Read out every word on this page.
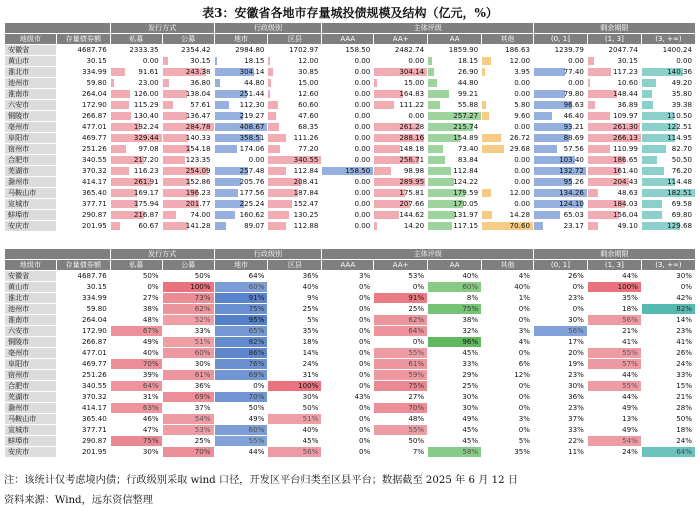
表3：安徽省各地市存量城投债规模及结构（亿元，%）
		发行方式		行政级别		主体评级				剩余期限		
地级市	存量债券额	私募	公募	地市	区县	AAA	AA+	AA	其他	(0, 1]	(1, 3]	(3, +∞)
安徽省	4687.76	2333.35	2354.42	2984.80	1702.97	158.50	2482.74	1859.90	186.63	1239.79	2047.74	1400.24
黄山市	30.15	0.00	30.15	18.15	12.00	0.00	0.00	18.15	12.00	0.00	30.15	0.00
淮北市	334.99	91.61	243.38	304.14	30.85	0.00	304.14	26.90	3.95	77.40	117.23	140.36
池州市	59.80	23.00	36.80	44.80	15.00	0.00	15.00	44.80	0.00	0.00	10.60	49.20
淮南市	264.04	126.00	138.04	251.44	12.60	0.00	164.83	99.21	0.00	79.80	148.44	35.80
六安市	172.90	115.29	57.61	112.30	60.60	0.00	111.22	55.88	5.80	96.63	36.89	39.38
铜陵市	266.87	130.40	136.47	219.27	47.60	0.00	0.00	257.27	9.60	46.40	109.97	110.50
亳州市	477.01	192.24	284.78	408.67	68.35	0.00	261.28	215.74	0.00	93.21	261.30	122.51
阜阳市	469.77	329.44	140.33	358.51	111.26	0.00	288.16	154.89	26.72	88.69	266.13	114.95
宿州市	251.26	97.08	154.18	174.06	77.20	0.00	148.18	73.40	29.68	57.56	110.99	82.70
合肥市	340.55	217.20	123.35	0.00	340.55	0.00	256.71	83.84	0.00	103.40	186.65	50.50
芜湖市	370.32	116.23	254.09	257.48	112.84	158.50	98.98	112.84	0.00	132.72	161.40	76.20
滁州市	414.17	261.91	152.86	205.76	208.41	0.00	289.95	124.22	0.00	95.26	204.43	114.48
马鞍山市	365.40	169.17	196.23	177.56	187.84	0.00	175.81	179.59	12.00	134.26	48.63	182.51
宣城市	377.71	175.94	201.77	225.24	152.47	0.00	207.66	170.05	0.00	124.10	184.03	69.58
蚌埠市	290.87	216.87	74.00	160.62	130.25	0.00	144.62	131.97	14.28	65.03	156.04	69.80
安庆市	201.95	60.67	141.28	89.07	112.88	0.00	14.20	117.15	70.60	23.17	49.10	129.68
		发行方式		行政级别		主体评级				剩余期限		
地级市	存量债券额	私募	公募	地市	区县	AAA	AA+	AA	其他	(0, 1]	(1, 3]	(3, +∞)
安徽省	4687.76	50%	50%	64%	36%	3%	53%	40%	4%	26%	44%	30%
黄山市	30.15	0%	100%	60%	40%	0%	0%	60%	40%	0%	100%	0%
淮北市	334.99	27%	73%	91%	9%	0%	91%	8%	1%	23%	35%	42%
池州市	59.80	38%	62%	75%	25%	0%	25%	75%	0%	0%	18%	82%
淮南市	264.04	48%	52%	95%	5%	0%	62%	38%	0%	30%	56%	14%
六安市	172.90	67%	33%	65%	35%	0%	64%	32%	3%	56%	21%	23%
铜陵市	266.87	49%	51%	82%	18%	0%	0%	96%	4%	17%	41%	41%
亳州市	477.01	40%	60%	86%	14%	0%	55%	45%	0%	20%	55%	26%
阜阳市	469.77	70%	30%	76%	24%	0%	61%	33%	6%	19%	57%	24%
宿州市	251.26	39%	61%	69%	31%	0%	59%	29%	12%	23%	44%	33%
合肥市	340.55	64%	36%	0%	100%	0%	75%	25%	0%	30%	55%	15%
芜湖市	370.32	31%	69%	70%	30%	43%	27%	30%	0%	36%	44%	21%
滁州市	414.17	63%	37%	50%	50%	0%	70%	30%	0%	23%	49%	28%
马鞍山市	365.40	46%	54%	49%	51%	0%	48%	49%	3%	37%	13%	50%
宣城市	377.71	47%	53%	60%	40%	0%	55%	45%	0%	33%	49%	18%
蚌埠市	290.87	75%	25%	55%	45%	0%	50%	45%	5%	22%	54%	24%
安庆市	201.95	30%	70%	44%	56%	0%	7%	58%	35%	11%	24%	64%
注：该统计仅考虑境内债；行政级别采取 wind 口径，开发区平台归类至区县平台；数据截至 2025 年 6 月 12 日
资料来源：Wind，远东资信整理
